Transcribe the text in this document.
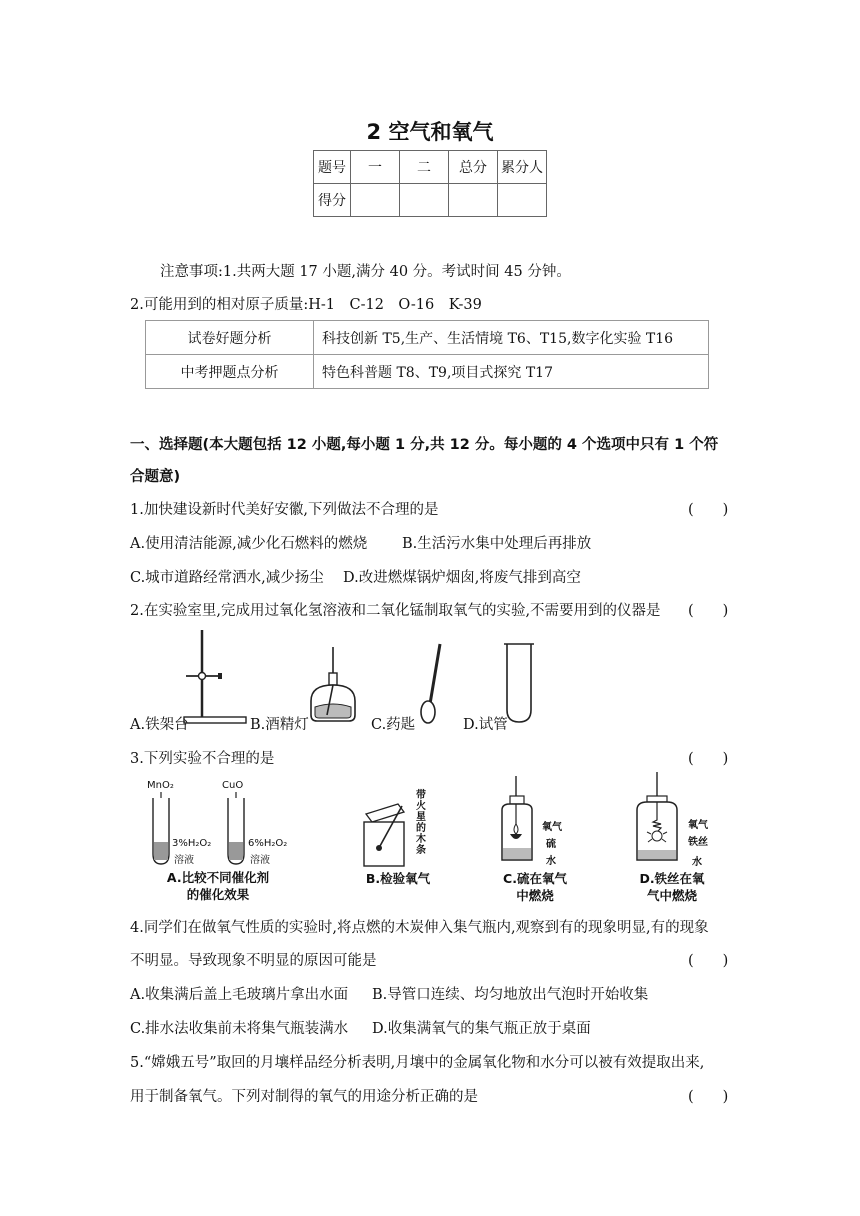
2 空气和氧气
题号	一	二	总分	累分人
得分				
注意事项:1.共两大题 17 小题,满分 40 分。考试时间 45 分钟。
2.可能用到的相对原子质量:H-1　C-12　O-16　K-39
试卷好题分析	科技创新 T5,生产、生活情境 T6、T15,数字化实验 T16
中考押题点分析	特色科普题 T8、T9,项目式探究 T17
一、选择题(本大题包括 12 小题,每小题 1 分,共 12 分。每小题的 4 个选项中只有 1 个符
合题意)
1.加快建设新时代美好安徽,下列做法不合理的是	(　　)
A.使用清洁能源,减少化石燃料的燃烧 B.生活污水集中处理后再排放
C.城市道路经常洒水,减少扬尘 D.改进燃煤锅炉烟囱,将废气排到高空
2.在实验室里,完成用过氧化氢溶液和二氧化锰制取氧气的实验,不需要用到的仪器是 (　　)
A.铁架台	B.酒精灯	C.药匙	D.试管
3.下列实验不合理的是	(　　)
MnO₂	CuO
3%H₂O₂
溶液
6%H₂O₂
溶液
A.比较不同催化剂
的催化效果
带
火
星
的
木
条
B.检验氧气
氧气
硫
水
C.硫在氧气
中燃烧
氧气
铁丝
水
D.铁丝在氧
气中燃烧
4.同学们在做氧气性质的实验时,将点燃的木炭伸入集气瓶内,观察到有的现象明显,有的现象
不明显。导致现象不明显的原因可能是	(　　)
A.收集满后盖上毛玻璃片拿出水面 B.导管口连续、均匀地放出气泡时开始收集
C.排水法收集前未将集气瓶装满水 D.收集满氧气的集气瓶正放于桌面
5.“嫦娥五号”取回的月壤样品经分析表明,月壤中的金属氧化物和水分可以被有效提取出来,
用于制备氧气。下列对制得的氧气的用途分析正确的是	(　　)
